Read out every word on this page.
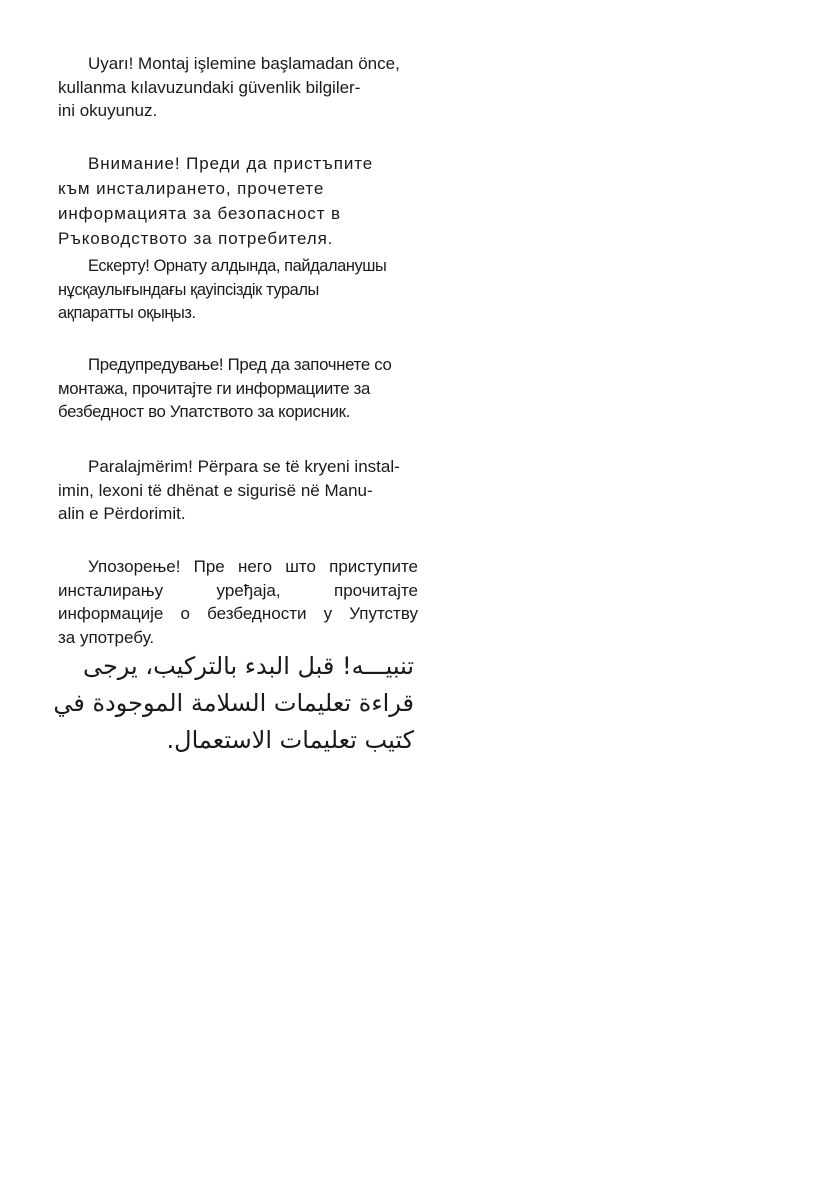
Uyarı! Montaj işlemine başlamadan önce,
kullanma kılavuzundaki güvenlik bilgiler-
ini okuyunuz.
Внимание! Преди да пристъпите
към инсталирането, прочетете
информацията за безопасност в
Ръководството за потребителя.
Ескерту! Орнату алдында, пайдаланушы
нұсқаулығындағы қауіпсіздік туралы
ақпаратты оқыңыз.
Предупредување! Пред да започнете со
монтажа, прочитајте ги информациите за
безбедност во Упатството за корисник.
Paralajmërim! Përpara se të kryeni instal-
imin, lexoni të dhënat e sigurisë në Manu-
alin e Përdorimit.
Упозорење! Пре него што приступите
инсталирању уређаја, прочитајте
информације о безбедности у Упутству
за употребу.
تنبيـــه! قبل البدء بالتركيب، يرجى
قراءة تعليمات السلامة الموجودة في
كتيب تعليمات الاستعمال.
